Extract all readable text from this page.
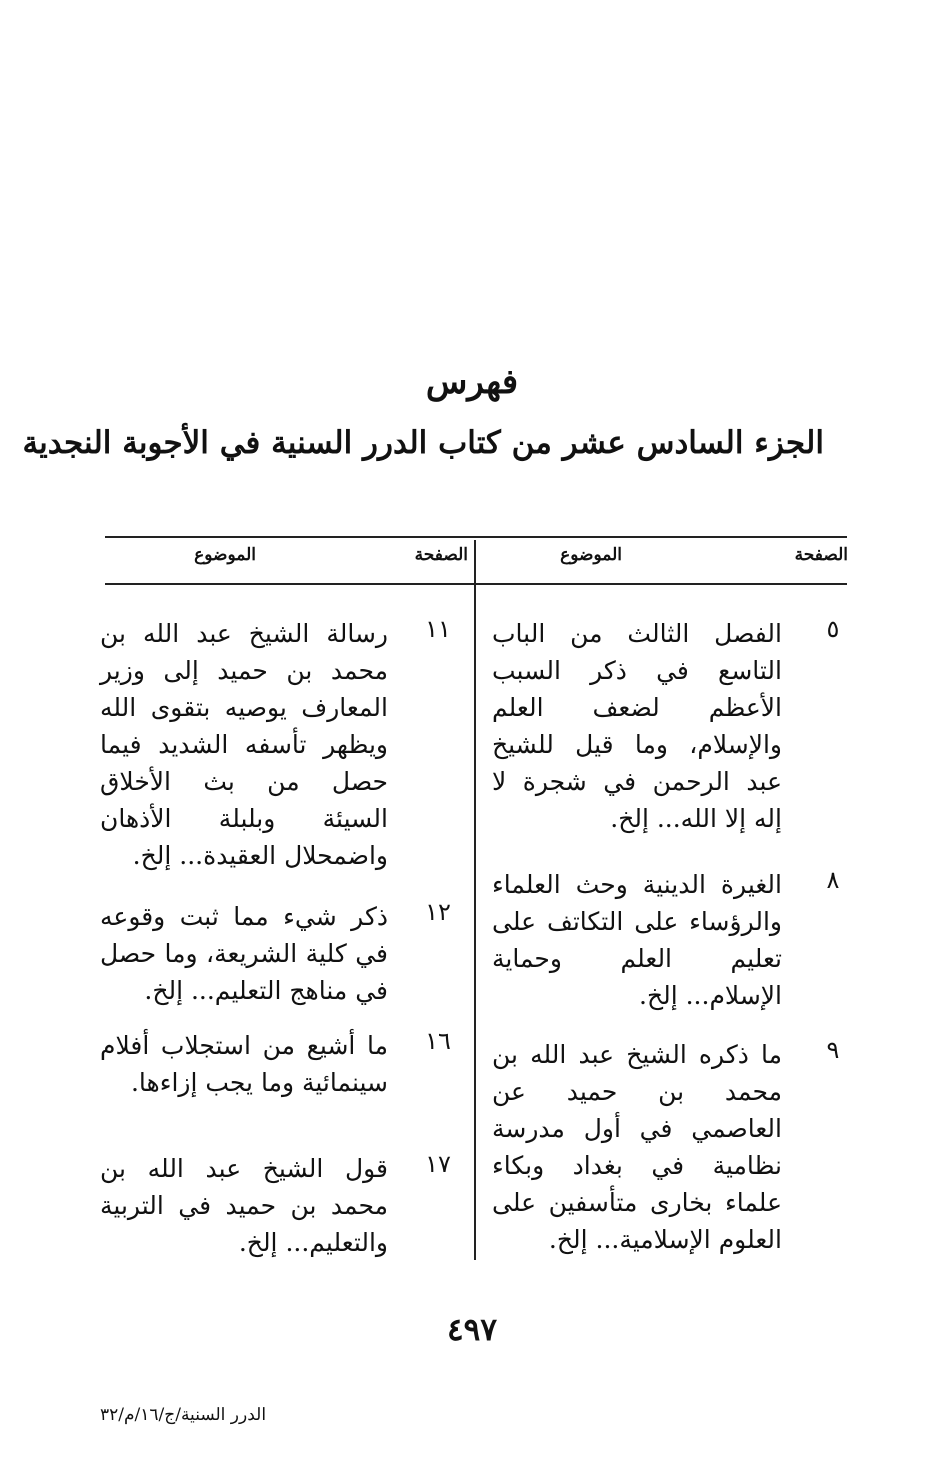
فهرس
الجزء السادس عشر من كتاب الدرر السنية في الأجوبة النجدية
الصفحة
الموضوع
الصفحة
الموضوع
٥
الفصل الثالث من الباب التاسع في ذكر السبب الأعظم لضعف العلم والإسلام، وما قيل للشيخ عبد الرحمن في شجرة لا إله إلا الله... إلخ.
٨
الغيرة الدينية وحث العلماء والرؤساء على التكاتف على تعليم العلم وحماية الإسلام... إلخ.
٩
ما ذكره الشيخ عبد الله بن محمد بن حميد عن العاصمي في أول مدرسة نظامية في بغداد وبكاء علماء بخارى متأسفين على العلوم الإسلامية... إلخ.
١١
رسالة الشيخ عبد الله بن محمد بن حميد إلى وزير المعارف يوصيه بتقوى الله ويظهر تأسفه الشديد فيما حصل من بث الأخلاق السيئة وبلبلة الأذهان واضمحلال العقيدة... إلخ.
١٢
ذكر شيء مما ثبت وقوعه في كلية الشريعة، وما حصل في مناهج التعليم... إلخ.
١٦
ما أشيع من استجلاب أفلام سينمائية وما يجب إزاءها.
١٧
قول الشيخ عبد الله بن محمد بن حميد في التربية والتعليم... إلخ.
٤٩٧
الدرر السنية/ج/١٦/م/٣٢
